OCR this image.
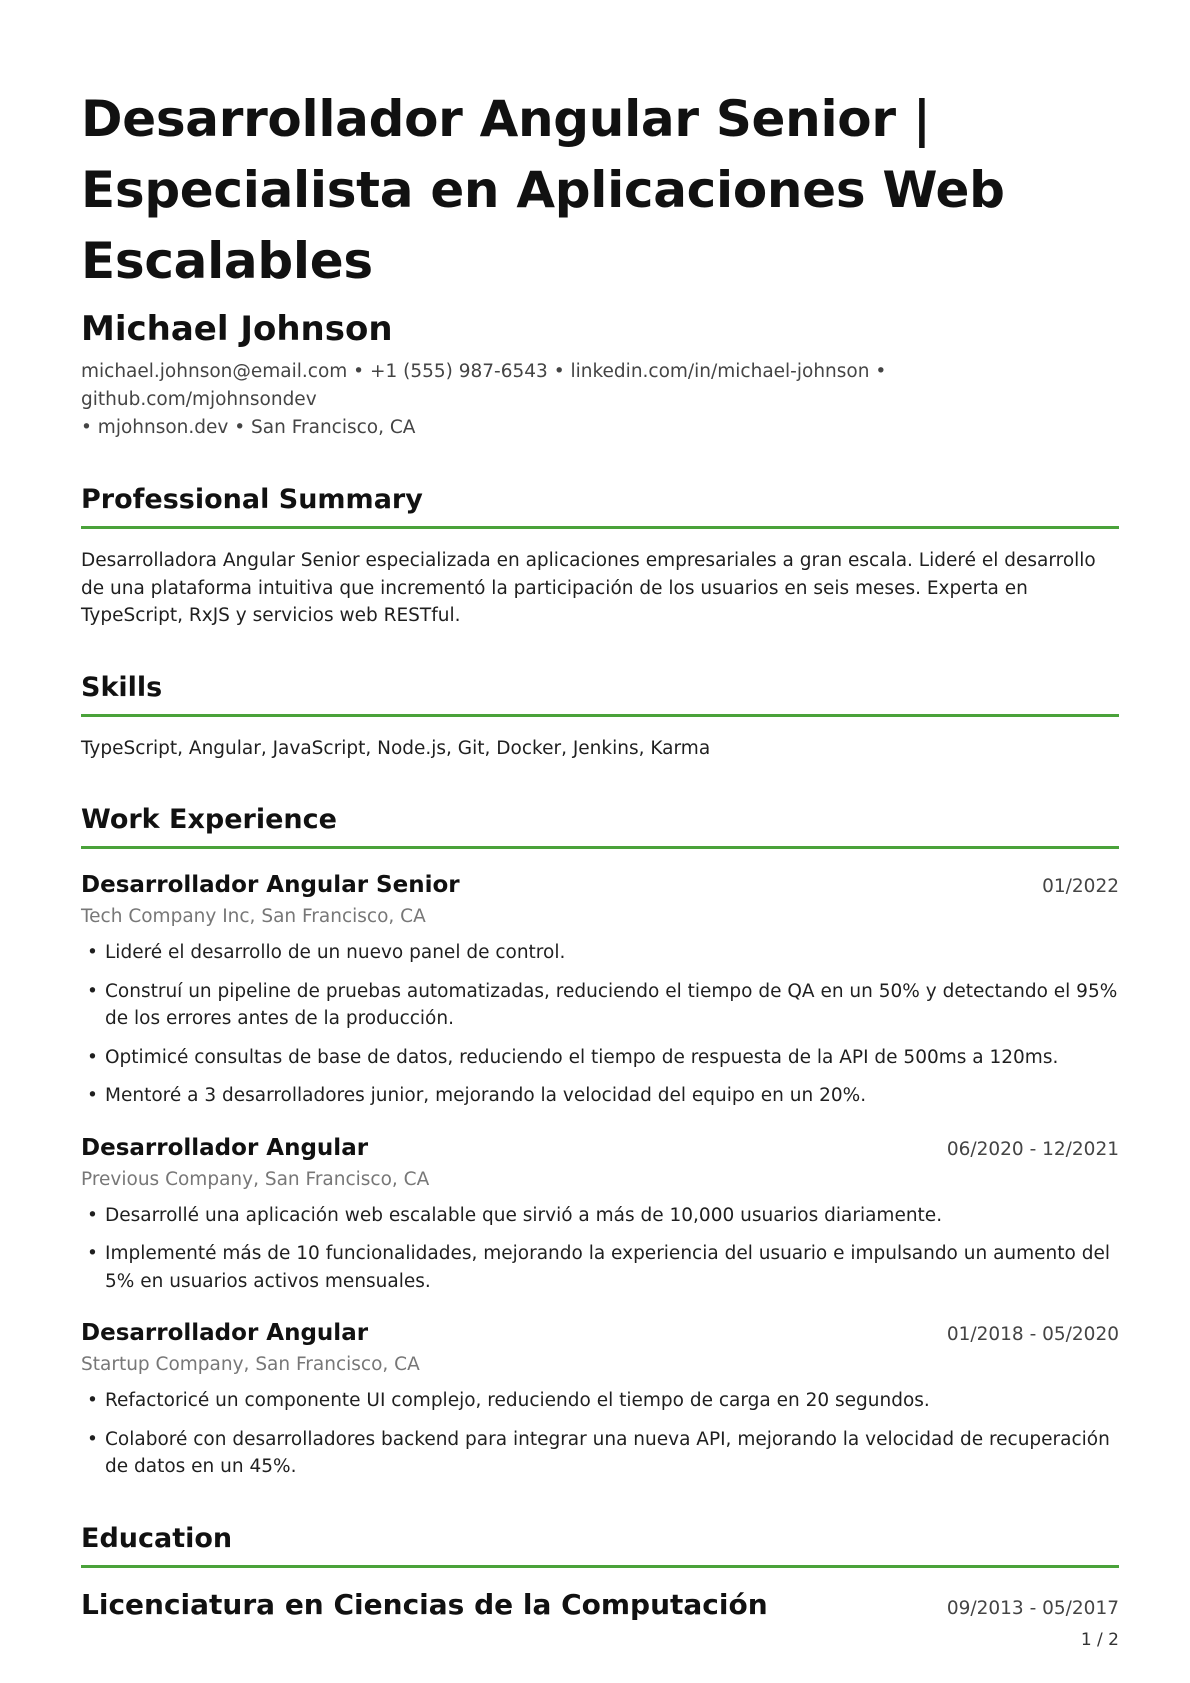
Desarrollador Angular Senior | Especialista en Aplicaciones Web Escalables
Michael Johnson
michael.johnson@email.com • +1 (555) 987-6543 • linkedin.com/in/michael-johnson • github.com/mjohnsondev
• mjohnson.dev • San Francisco, CA
Professional Summary

Desarrolladora Angular Senior especializada en aplicaciones empresariales a gran escala. Lideré el desarrollo de una plataforma intuitiva que incrementó la participación de los usuarios en seis meses. Experta en TypeScript, RxJS y servicios web RESTful.

Skills

TypeScript, Angular, JavaScript, Node.js, Git, Docker, Jenkins, Karma

Work Experience
Desarrollador Angular Senior	01/2022
Tech Company Inc, San Francisco, CA
• Lideré el desarrollo de un nuevo panel de control.
• Construí un pipeline de pruebas automatizadas, reduciendo el tiempo de QA en un 50% y detectando el 95% de los errores antes de la producción.
• Optimicé consultas de base de datos, reduciendo el tiempo de respuesta de la API de 500ms a 120ms.
• Mentoré a 3 desarrolladores junior, mejorando la velocidad del equipo en un 20%.
Desarrollador Angular	06/2020 - 12/2021
Previous Company, San Francisco, CA
• Desarrollé una aplicación web escalable que sirvió a más de 10,000 usuarios diariamente.
• Implementé más de 10 funcionalidades, mejorando la experiencia del usuario e impulsando un aumento del 5% en usuarios activos mensuales.
Desarrollador Angular	01/2018 - 05/2020
Startup Company, San Francisco, CA
• Refactoricé un componente UI complejo, reduciendo el tiempo de carga en 20 segundos.
• Colaboré con desarrolladores backend para integrar una nueva API, mejorando la velocidad de recuperación de datos en un 45%.
Education
Licenciatura en Ciencias de la Computación	09/2013 - 05/2017
1 / 2
